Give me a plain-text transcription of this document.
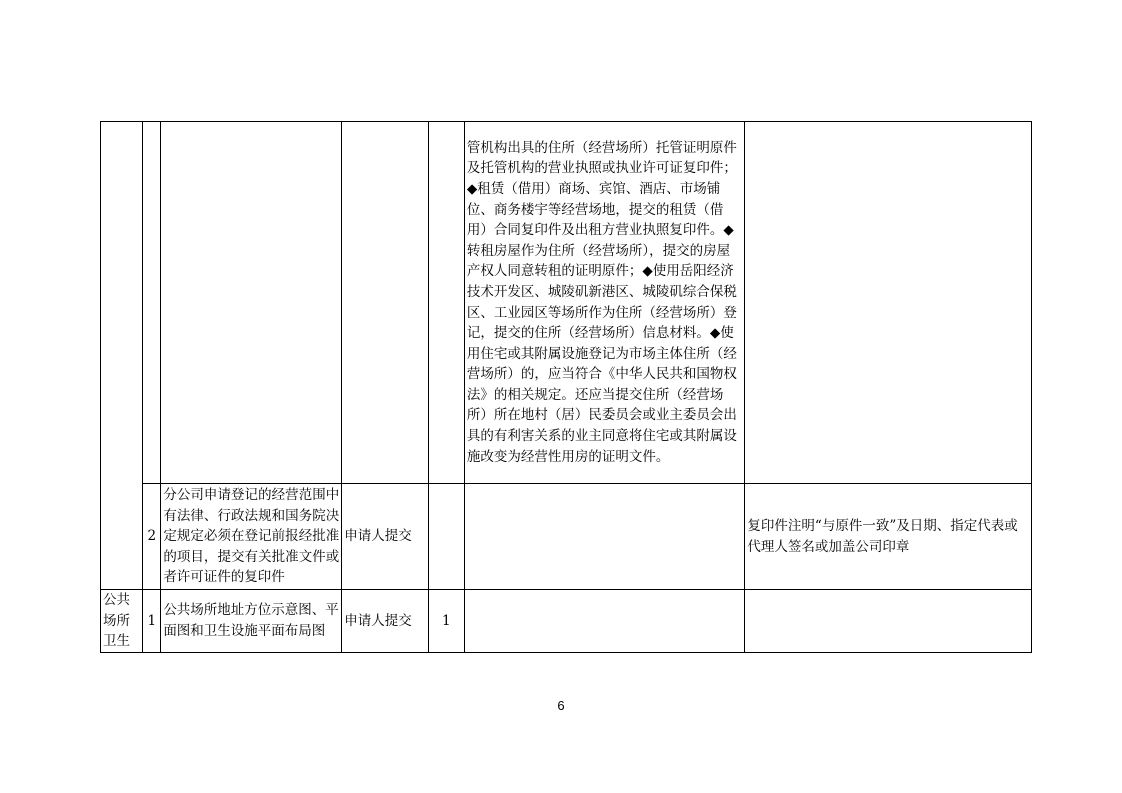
					管机构出具的住所（经营场所）托管证明原件及托管机构的营业执照或执业许可证复印件；◆租赁（借用）商场、宾馆、酒店、市场铺位、商务楼宇等经营场地，提交的租赁（借用）合同复印件及出租方营业执照复印件。◆转租房屋作为住所（经营场所），提交的房屋产权人同意转租的证明原件；◆使用岳阳经济技术开发区、城陵矶新港区、城陵矶综合保税区、工业园区等场所作为住所（经营场所）登记，提交的住所（经营场所）信息材料。◆使用住宅或其附属设施登记为市场主体住所（经营场所）的，应当符合《中华人民共和国物权法》的相关规定。还应当提交住所（经营场所）所在地村（居）民委员会或业主委员会出具的有利害关系的业主同意将住宅或其附属设施改变为经营性用房的证明文件。	
	2	分公司申请登记的经营范围中有法律、行政法规和国务院决定规定必须在登记前报经批准的项目，提交有关批准文件或者许可证件的复印件	申请人提交			复印件注明“与原件一致”及日期、指定代表或代理人签名或加盖公司印章
公共场所卫生	1	公共场所地址方位示意图、平面图和卫生设施平面布局图	申请人提交	1		
6
